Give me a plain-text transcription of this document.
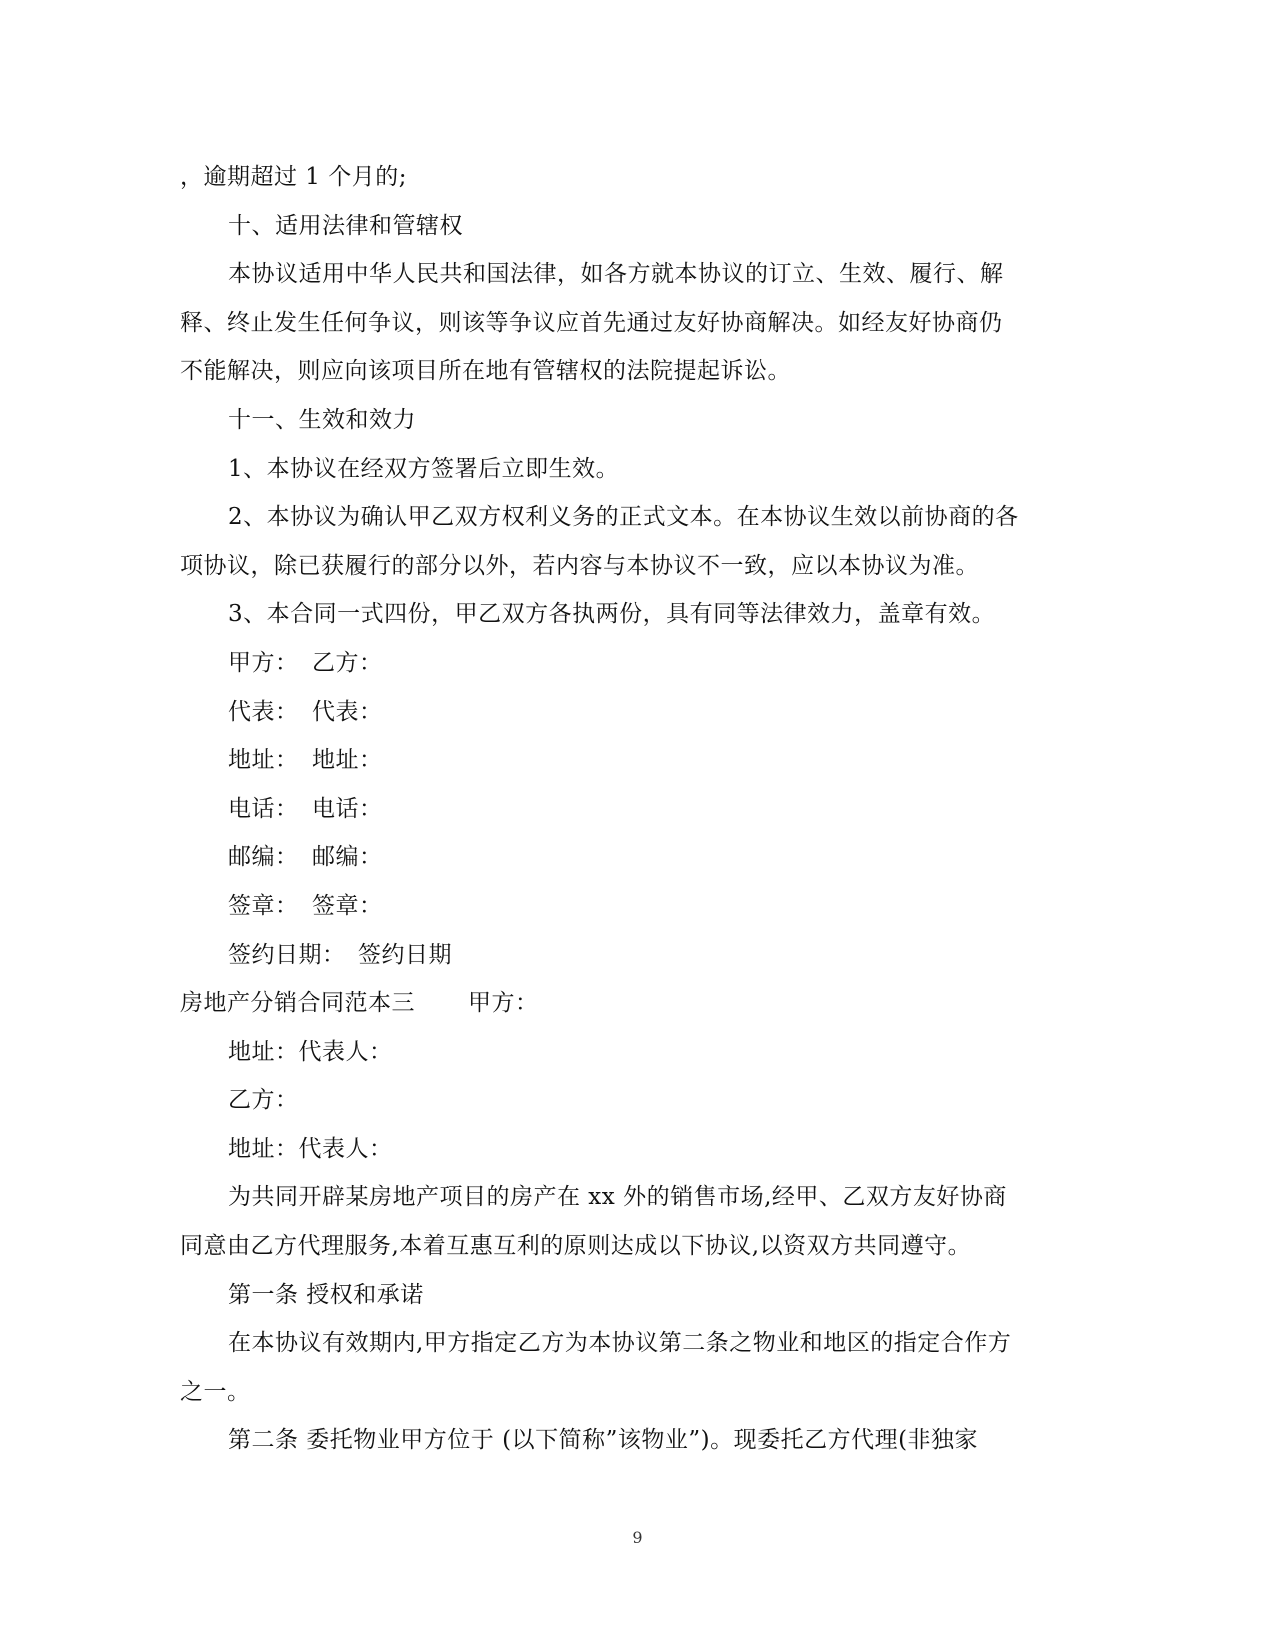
，逾期超过 1 个月的;
十、适用法律和管辖权
本协议适用中华人民共和国法律，如各方就本协议的订立、生效、履行、解
释、终止发生任何争议，则该等争议应首先通过友好协商解决。如经友好协商仍
不能解决，则应向该项目所在地有管辖权的法院提起诉讼。
十一、生效和效力
1、本协议在经双方签署后立即生效。
2、本协议为确认甲乙双方权利义务的正式文本。在本协议生效以前协商的各
项协议，除已获履行的部分以外，若内容与本协议不一致，应以本协议为准。
3、本合同一式四份，甲乙双方各执两份，具有同等法律效力，盖章有效。
甲方： 乙方：
代表： 代表：
地址： 地址：
电话： 电话：
邮编： 邮编：
签章： 签章：
签约日期： 签约日期
房地产分销合同范本三 甲方：
地址：代表人：
乙方：
地址：代表人：
为共同开辟某房地产项目的房产在 xx 外的销售市场,经甲、乙双方友好协商
同意由乙方代理服务,本着互惠互利的原则达成以下协议,以资双方共同遵守。
第一条 授权和承诺
在本协议有效期内,甲方指定乙方为本协议第二条之物业和地区的指定合作方
之一。
第二条 委托物业甲方位于 (以下简称”该物业”)。现委托乙方代理(非独家
9
